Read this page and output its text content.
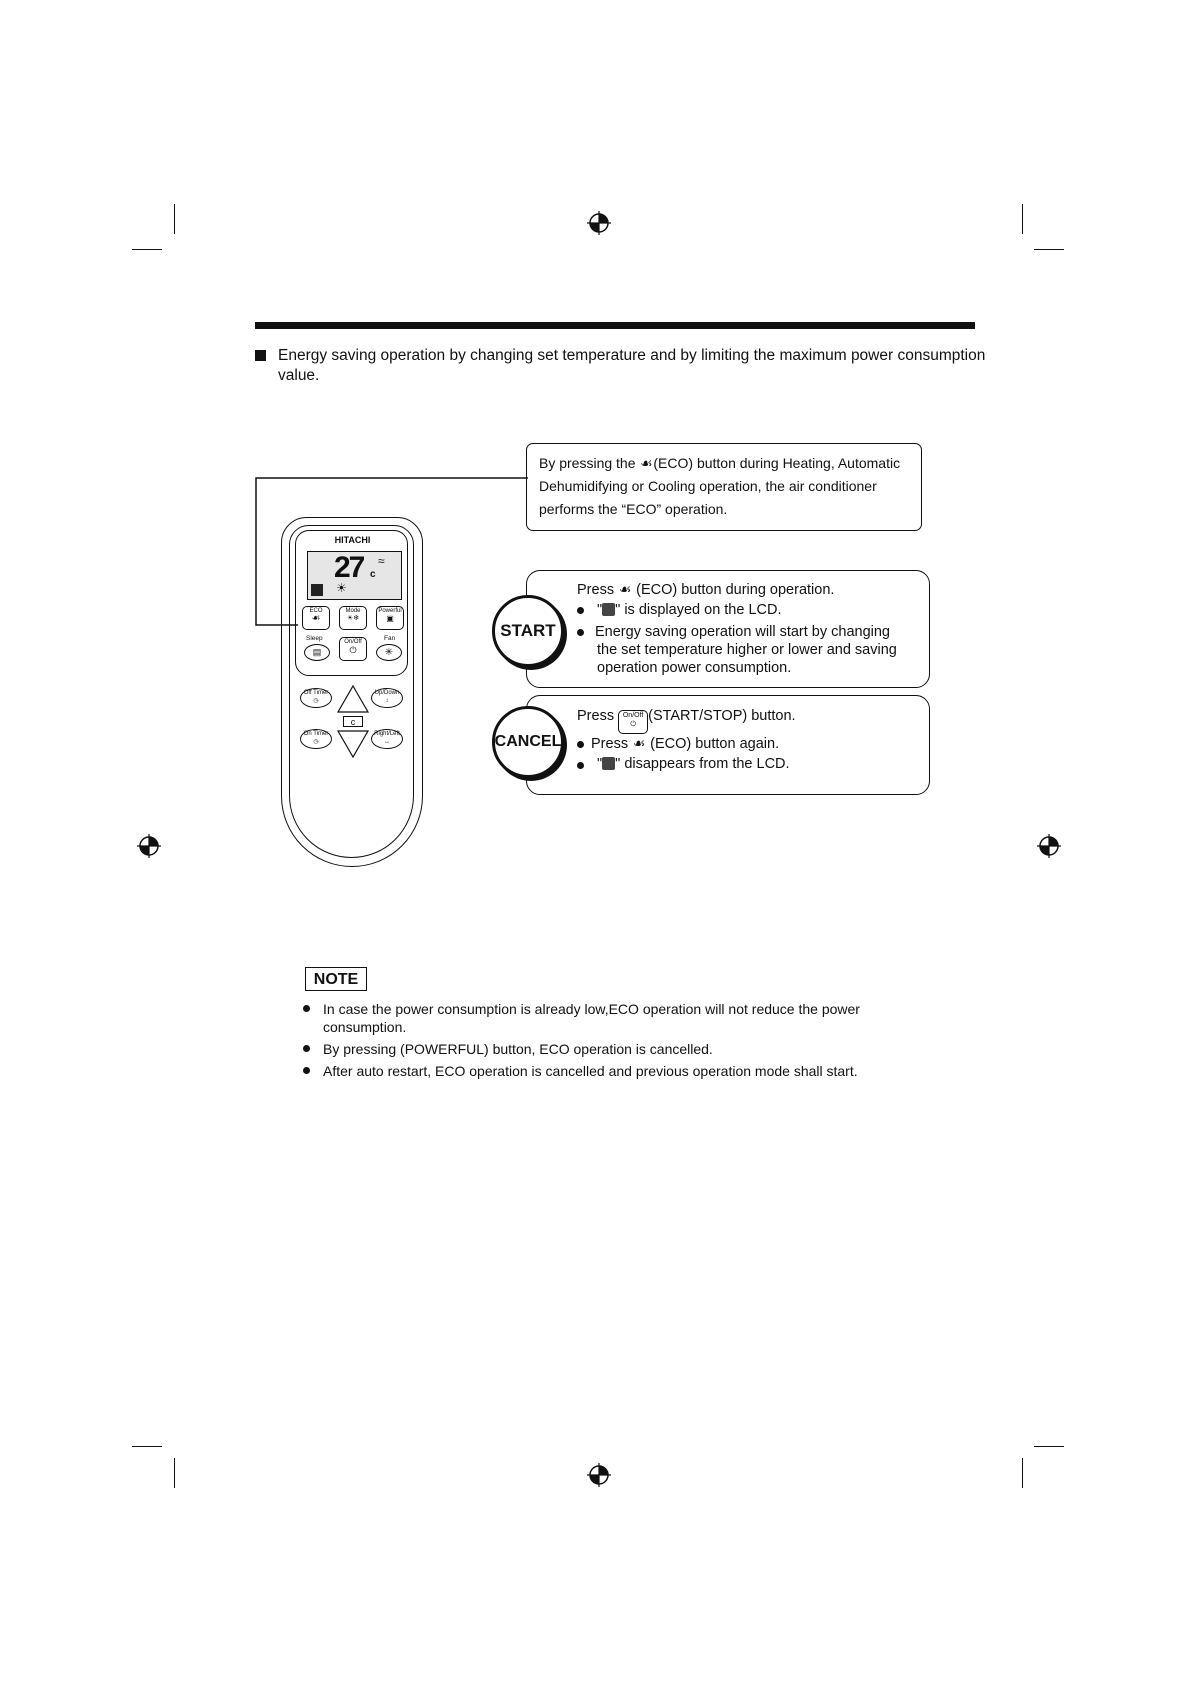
Energy saving operation by changing set temperature and by limiting the maximum power consumption value.
By pressing the ☙(ECO) button during Heating, Automatic
Dehumidifying or Cooling operation, the air conditioner
performs the “ECO” operation.
HITACHI
27 c
≈
☀
ECO
☙
Mode
☀❄
Powerful
▣
Sleep
▤
On/Off
⏻
Fan
✳
Off Timer
◷
On Timer
◷
Up/Down
↕
Right/Left
↔
c
Press ☙ (ECO) button during operation.
" " is displayed on the LCD.
Energy saving operation will start by changing
the set temperature higher or lower and saving
operation power consumption.
START
Press On/Off
⏻(START/STOP) button.
Press ☙ (ECO) button again.
" " disappears from the LCD.
CANCEL
NOTE
In case the power consumption is already low,ECO operation will not reduce the power consumption.
By pressing (POWERFUL) button, ECO operation is cancelled.
After auto restart, ECO operation is cancelled and previous operation mode shall start.
